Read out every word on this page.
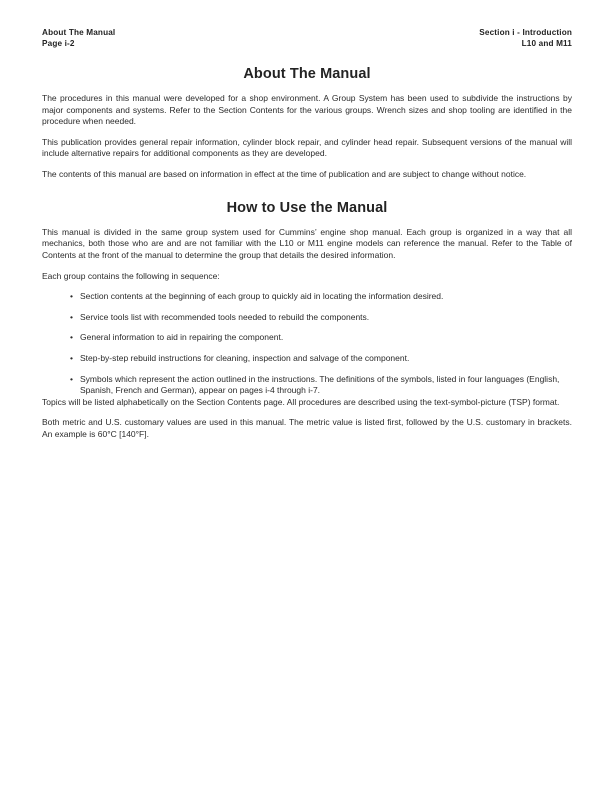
About The Manual
Page i-2
Section i - Introduction
L10 and M11
About The Manual

The procedures in this manual were developed for a shop environment. A Group System has been used to subdivide the instructions by major components and systems. Refer to the Section Contents for the various groups. Wrench sizes and shop tooling are identified in the procedure when needed.

This publication provides general repair information, cylinder block repair, and cylinder head repair. Subsequent versions of the manual will include alternative repairs for additional components as they are developed.

The contents of this manual are based on information in effect at the time of publication and are subject to change without notice.

How to Use the Manual

This manual is divided in the same group system used for Cummins’ engine shop manual. Each group is organized in a way that all mechanics, both those who are and are not familiar with the L10 or M11 engine models can reference the manual. Refer to the Table of Contents at the front of the manual to determine the group that details the desired information.

Each group contains the following in sequence:

• Section contents at the beginning of each group to quickly aid in locating the information desired.
• Service tools list with recommended tools needed to rebuild the components.
• General information to aid in repairing the component.
• Step-by-step rebuild instructions for cleaning, inspection and salvage of the component.
• Symbols which represent the action outlined in the instructions. The definitions of the symbols, listed in four languages (English, Spanish, French and German), appear on pages i-4 through i-7.

Topics will be listed alphabetically on the Section Contents page. All procedures are described using the text-symbol-picture (TSP) format.

Both metric and U.S. customary values are used in this manual. The metric value is listed first, followed by the U.S. customary in brackets. An example is 60°C [140°F].
